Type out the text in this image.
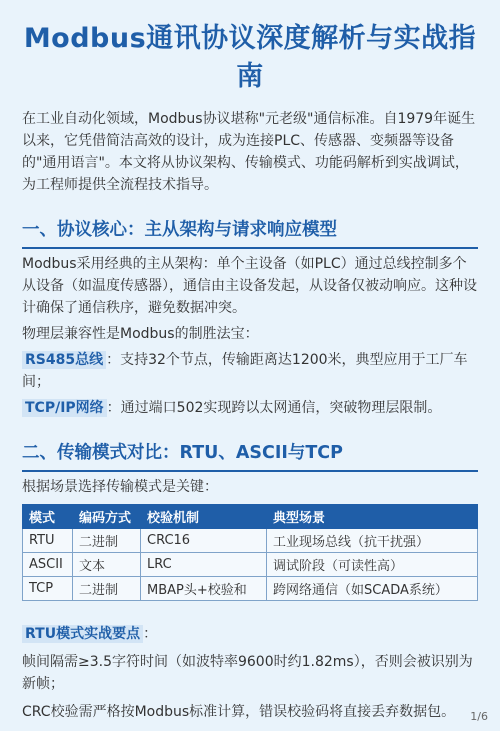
Modbus通讯协议深度解析与实战指南
在工业自动化领域，Modbus协议堪称"元老级"通信标准。自1979年诞生以来，它凭借简洁高效的设计，成为连接PLC、传感器、变频器等设备的"通用语言"。本文将从协议架构、传输模式、功能码解析到实战调试，为工程师提供全流程技术指导。
一、协议核心：主从架构与请求响应模型
Modbus采用经典的主从架构：单个主设备（如PLC）通过总线控制多个从设备（如温度传感器），通信由主设备发起，从设备仅被动响应。这种设计确保了通信秩序，避免数据冲突。
物理层兼容性是Modbus的制胜法宝：
RS485总线 ：支持32个节点，传输距离达1200米，典型应用于工厂车间；
TCP/IP网络 ：通过端口502实现跨以太网通信，突破物理层限制。
二、传输模式对比：RTU、ASCII与TCP
根据场景选择传输模式是关键：
模式	编码方式	校验机制	典型场景
RTU	二进制	CRC16	工业现场总线（抗干扰强）
ASCII	文本	LRC	调试阶段（可读性高）
TCP	二进制	MBAP头+校验和	跨网络通信（如SCADA系统）
RTU模式实战要点 ：
帧间隔需≥3.5字符时间（如波特率9600时约1.82ms），否则会被识别为新帧；
CRC校验需严格按Modbus标准计算，错误校验码将直接丢弃数据包。	1/6
